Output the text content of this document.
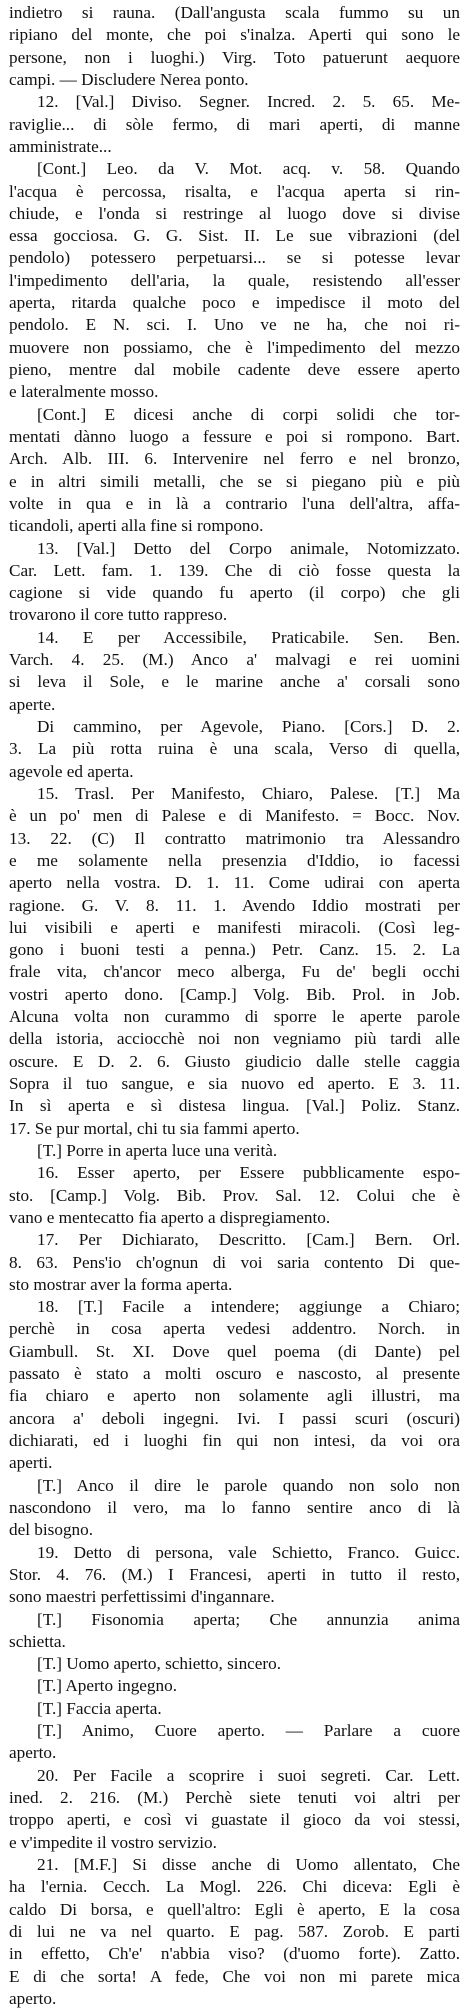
indietro si rauna. (Dall'angusta scala fummo su un
ripiano del monte, che poi s'inalza. Aperti qui sono le
persone, non i luoghi.) Virg. Toto patuerunt aequore
campi. — Discludere Nerea ponto.
12. [Val.] Diviso. Segner. Incred. 2. 5. 65. Me-
raviglie... di sòle fermo, di mari aperti, di manne
amministrate...
[Cont.] Leo. da V. Mot. acq. v. 58. Quando
l'acqua è percossa, risalta, e l'acqua aperta si rin-
chiude, e l'onda si restringe al luogo dove si divise
essa gocciosa. G. G. Sist. II. Le sue vibrazioni (del
pendolo) potessero perpetuarsi... se si potesse levar
l'impedimento dell'aria, la quale, resistendo all'esser
aperta, ritarda qualche poco e impedisce il moto del
pendolo. E N. sci. I. Uno ve ne ha, che noi ri-
muovere non possiamo, che è l'impedimento del mezzo
pieno, mentre dal mobile cadente deve essere aperto
e lateralmente mosso.
[Cont.] E dicesi anche di corpi solidi che tor-
mentati dànno luogo a fessure e poi si rompono. Bart.
Arch. Alb. III. 6. Intervenire nel ferro e nel bronzo,
e in altri simili metalli, che se si piegano più e più
volte in qua e in là a contrario l'una dell'altra, affa-
ticandoli, aperti alla fine si rompono.
13. [Val.] Detto del Corpo animale, Notomizzato.
Car. Lett. fam. 1. 139. Che di ciò fosse questa la
cagione si vide quando fu aperto (il corpo) che gli
trovarono il core tutto rappreso.
14. E per Accessibile, Praticabile. Sen. Ben.
Varch. 4. 25. (M.) Anco a' malvagi e rei uomini
si leva il Sole, e le marine anche a' corsali sono
aperte.
Di cammino, per Agevole, Piano. [Cors.] D. 2.
3. La più rotta ruina è una scala, Verso di quella,
agevole ed aperta.
15. Trasl. Per Manifesto, Chiaro, Palese. [T.] Ma
è un po' men di Palese e di Manifesto. = Bocc. Nov.
13. 22. (C) Il contratto matrimonio tra Alessandro
e me solamente nella presenzia d'Iddio, io facessi
aperto nella vostra. D. 1. 11. Come udirai con aperta
ragione. G. V. 8. 11. 1. Avendo Iddio mostrati per
lui visibili e aperti e manifesti miracoli. (Così leg-
gono i buoni testi a penna.) Petr. Canz. 15. 2. La
frale vita, ch'ancor meco alberga, Fu de' begli occhi
vostri aperto dono. [Camp.] Volg. Bib. Prol. in Job.
Alcuna volta non curammo di sporre le aperte parole
della istoria, acciocchè noi non vegniamo più tardi alle
oscure. E D. 2. 6. Giusto giudicio dalle stelle caggia
Sopra il tuo sangue, e sia nuovo ed aperto. E 3. 11.
In sì aperta e sì distesa lingua. [Val.] Poliz. Stanz.
17. Se pur mortal, chi tu sia fammi aperto.
[T.] Porre in aperta luce una verità.
16. Esser aperto, per Essere pubblicamente espo-
sto. [Camp.] Volg. Bib. Prov. Sal. 12. Colui che è
vano e mentecatto fia aperto a dispregiamento.
17. Per Dichiarato, Descritto. [Cam.] Bern. Orl.
8. 63. Pens'io ch'ognun di voi saria contento Di que-
sto mostrar aver la forma aperta.
18. [T.] Facile a intendere; aggiunge a Chiaro;
perchè in cosa aperta vedesi addentro. Norch. in
Giambull. St. XI. Dove quel poema (di Dante) pel
passato è stato a molti oscuro e nascosto, al presente
fia chiaro e aperto non solamente agli illustri, ma
ancora a' deboli ingegni. Ivi. I passi scuri (oscuri)
dichiarati, ed i luoghi fin qui non intesi, da voi ora
aperti.
[T.] Anco il dire le parole quando non solo non
nascondono il vero, ma lo fanno sentire anco di là
del bisogno.
19. Detto di persona, vale Schietto, Franco. Guicc.
Stor. 4. 76. (M.) I Francesi, aperti in tutto il resto,
sono maestri perfettissimi d'ingannare.
[T.] Fisonomia aperta; Che annunzia anima
schietta.
[T.] Uomo aperto, schietto, sincero.
[T.] Aperto ingegno.
[T.] Faccia aperta.
[T.] Animo, Cuore aperto. — Parlare a cuore
aperto.
20. Per Facile a scoprire i suoi segreti. Car. Lett.
ined. 2. 216. (M.) Perchè siete tenuti voi altri per
troppo aperti, e così vi guastate il gioco da voi stessi,
e v'impedite il vostro servizio.
21. [M.F.] Si disse anche di Uomo allentato, Che
ha l'ernia. Cecch. La Mogl. 226. Chi diceva: Egli è
caldo Di borsa, e quell'altro: Egli è aperto, E la cosa
di lui ne va nel quarto. E pag. 587. Zorob. E parti
in effetto, Ch'e' n'abbia viso? (d'uomo forte). Zatto.
E di che sorta! A fede, Che voi non mi parete mica
aperto.
